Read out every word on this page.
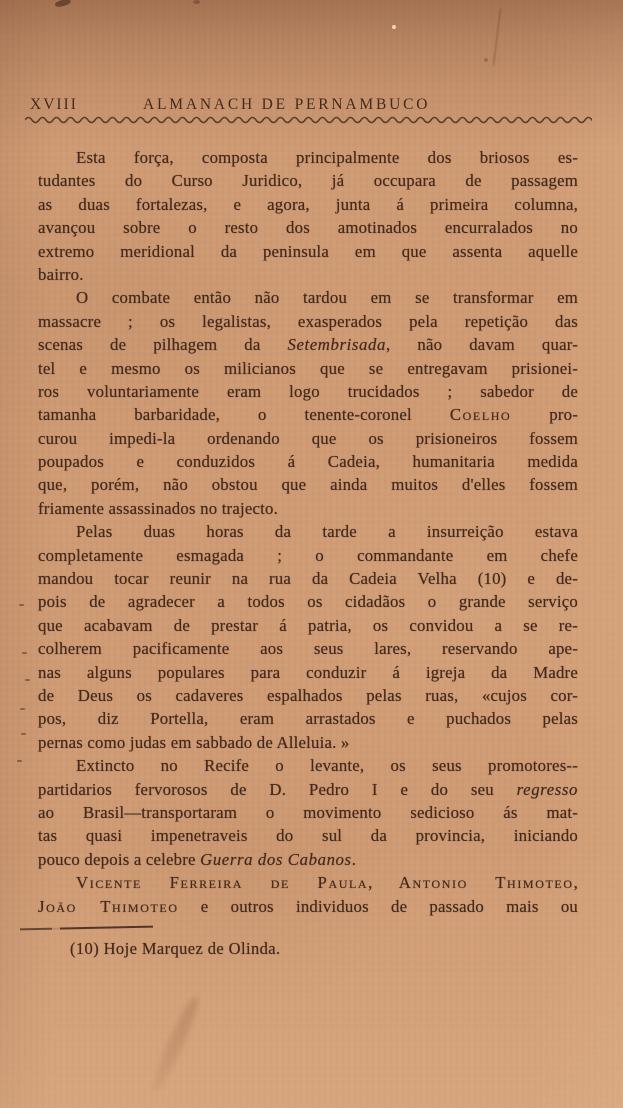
XVIII	ALMANACH DE PERNAMBUCO
Esta força, composta principalmente dos briosos es-
tudantes do Curso Juridico, já occupara de passagem
as duas fortalezas, e agora, junta á primeira columna,
avançou sobre o resto dos amotinados encurralados no
extremo meridional da peninsula em que assenta aquelle
bairro.
O combate então não tardou em se transformar em
massacre ; os legalistas, exasperados pela repetição das
scenas de pilhagem da Setembrisada, não davam quar-
tel e mesmo os milicianos que se entregavam prisionei-
ros voluntariamente eram logo trucidados ; sabedor de
tamanha barbaridade, o tenente-coronel Coelho pro-
curou impedi-la ordenando que os prisioneiros fossem
poupados e conduzidos á Cadeia, humanitaria medida
que, porém, não obstou que ainda muitos d'elles fossem
friamente assassinados no trajecto.
Pelas duas horas da tarde a insurreição estava
completamente esmagada ; o commandante em chefe
mandou tocar reunir na rua da Cadeia Velha (10) e de-
pois de agradecer a todos os cidadãos o grande serviço
que acabavam de prestar á patria, os convidou a se re-
colherem pacificamente aos seus lares, reservando ape-
nas alguns populares para conduzir á igreja da Madre
de Deus os cadaveres espalhados pelas ruas, «cujos cor-
pos, diz Portella, eram arrastados e puchados pelas
pernas como judas em sabbado de Alleluia. »
Extincto no Recife o levante, os seus promotores--
partidarios fervorosos de D. Pedro I e do seu regresso
ao Brasil—transportaram o movimento sedicioso ás mat-
tas quasi impenetraveis do sul da provincia, iniciando
pouco depois a celebre Guerra dos Cabanos.
Vicente Ferreira de Paula, Antonio Thimoteo,
João Thimoteo e outros individuos de passado mais ou
(10) Hoje Marquez de Olinda.
